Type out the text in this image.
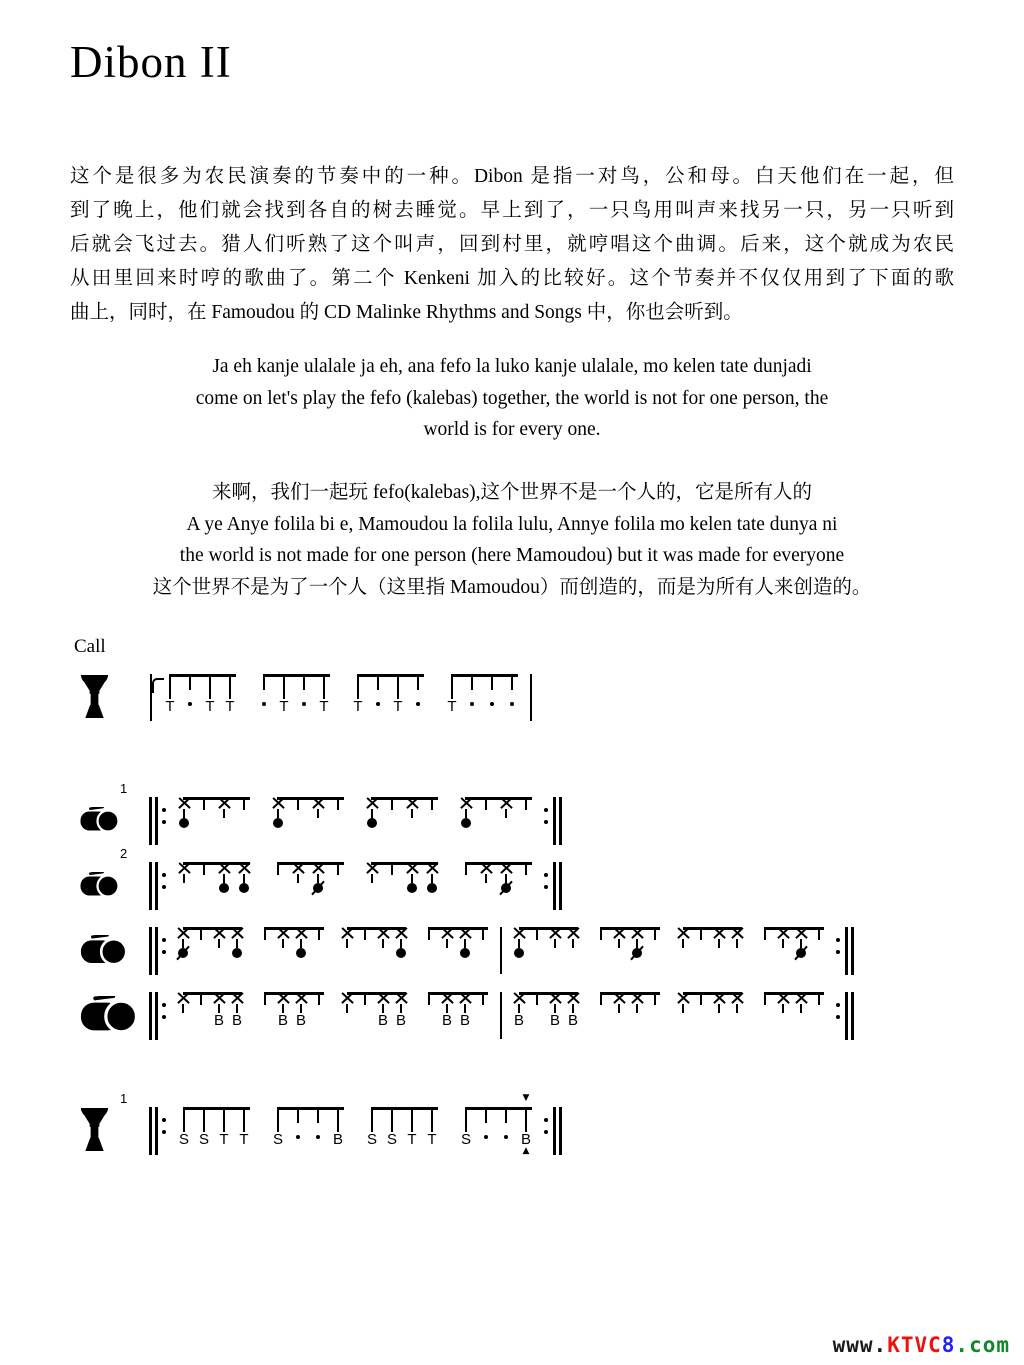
Dibon II
这个是很多为农民演奏的节奏中的一种。Dibon 是指一对鸟，公和母。白天他们在一起，但
到了晚上，他们就会找到各自的树去睡觉。早上到了，一只鸟用叫声来找另一只，另一只听到
后就会飞过去。猎人们听熟了这个叫声，回到村里，就哼唱这个曲调。后来，这个就成为农民
从田里回来时哼的歌曲了。第二个 Kenkeni 加入的比较好。这个节奏并不仅仅用到了下面的歌
曲上，同时，在 Famoudou 的 CD Malinke Rhythms and Songs 中，你也会听到。
Ja eh kanje ulalale ja eh, ana fefo la luko kanje ulalale, mo kelen tate dunjadi
come on let's play the fefo (kalebas) together, the world is not for one person, the
world is for every one.
来啊，我们一起玩 fefo(kalebas),这个世界不是一个人的，它是所有人的
A ye Anye folila bi e, Mamoudou la folila lulu, Annye folila mo kelen tate dunya ni
the world is not made for one person (here Mamoudou) but it was made for everyone
这个世界不是为了一个人（这里指 Mamoudou）而创造的，而是为所有人来创造的。
Call
T T T	T T T T	T
1
2
B B B B	B B B B	B B B
1
S S T T S	B S S T T S	B
▼
▲
www.KTVC8.com
